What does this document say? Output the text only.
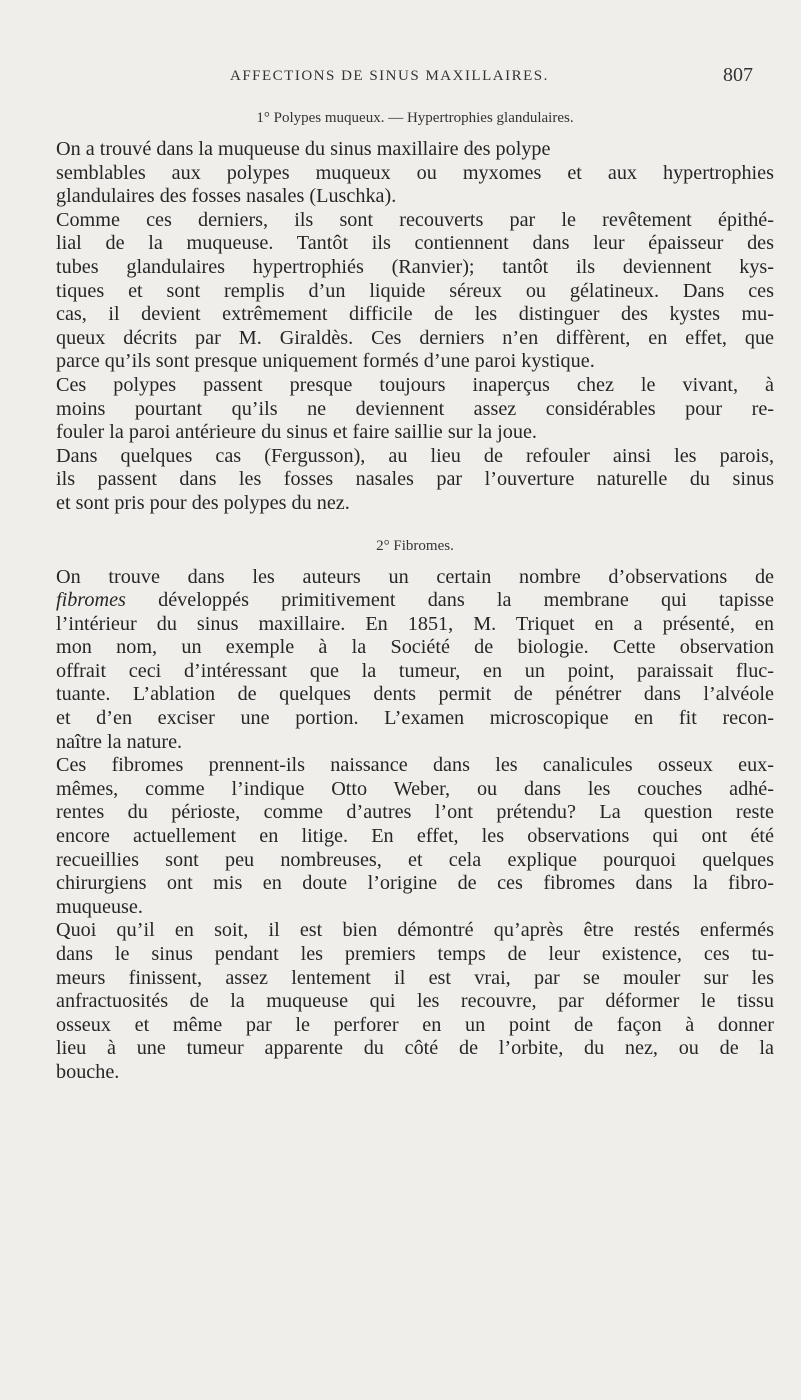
AFFECTIONS DE SINUS MAXILLAIRES.	807
1° Polypes muqueux. — Hypertrophies glandulaires.
On a trouvé dans la muqueuse du sinus maxillaire des polype
semblables aux polypes muqueux ou myxomes et aux hypertrophies
glandulaires des fosses nasales (Luschka).
Comme ces derniers, ils sont recouverts par le revêtement épithé-
lial de la muqueuse. Tantôt ils contiennent dans leur épaisseur des
tubes glandulaires hypertrophiés (Ranvier); tantôt ils deviennent kys-
tiques et sont remplis d’un liquide séreux ou gélatineux. Dans ces
cas, il devient extrêmement difficile de les distinguer des kystes mu-
queux décrits par M. Giraldès. Ces derniers n’en diffèrent, en effet, que
parce qu’ils sont presque uniquement formés d’une paroi kystique.
Ces polypes passent presque toujours inaperçus chez le vivant, à
moins pourtant qu’ils ne deviennent assez considérables pour re-
fouler la paroi antérieure du sinus et faire saillie sur la joue.
Dans quelques cas (Fergusson), au lieu de refouler ainsi les parois,
ils passent dans les fosses nasales par l’ouverture naturelle du sinus
et sont pris pour des polypes du nez.
2° Fibromes.
On trouve dans les auteurs un certain nombre d’observations de
fibromes développés primitivement dans la membrane qui tapisse
l’intérieur du sinus maxillaire. En 1851, M. Triquet en a présenté, en
mon nom, un exemple à la Société de biologie. Cette observation
offrait ceci d’intéressant que la tumeur, en un point, paraissait fluc-
tuante. L’ablation de quelques dents permit de pénétrer dans l’alvéole
et d’en exciser une portion. L’examen microscopique en fit recon-
naître la nature.
Ces fibromes prennent-ils naissance dans les canalicules osseux eux-
mêmes, comme l’indique Otto Weber, ou dans les couches adhé-
rentes du périoste, comme d’autres l’ont prétendu? La question reste
encore actuellement en litige. En effet, les observations qui ont été
recueillies sont peu nombreuses, et cela explique pourquoi quelques
chirurgiens ont mis en doute l’origine de ces fibromes dans la fibro-
muqueuse.
Quoi qu’il en soit, il est bien démontré qu’après être restés enfermés
dans le sinus pendant les premiers temps de leur existence, ces tu-
meurs finissent, assez lentement il est vrai, par se mouler sur les
anfractuosités de la muqueuse qui les recouvre, par déformer le tissu
osseux et même par le perforer en un point de façon à donner
lieu à une tumeur apparente du côté de l’orbite, du nez, ou de la
bouche.
